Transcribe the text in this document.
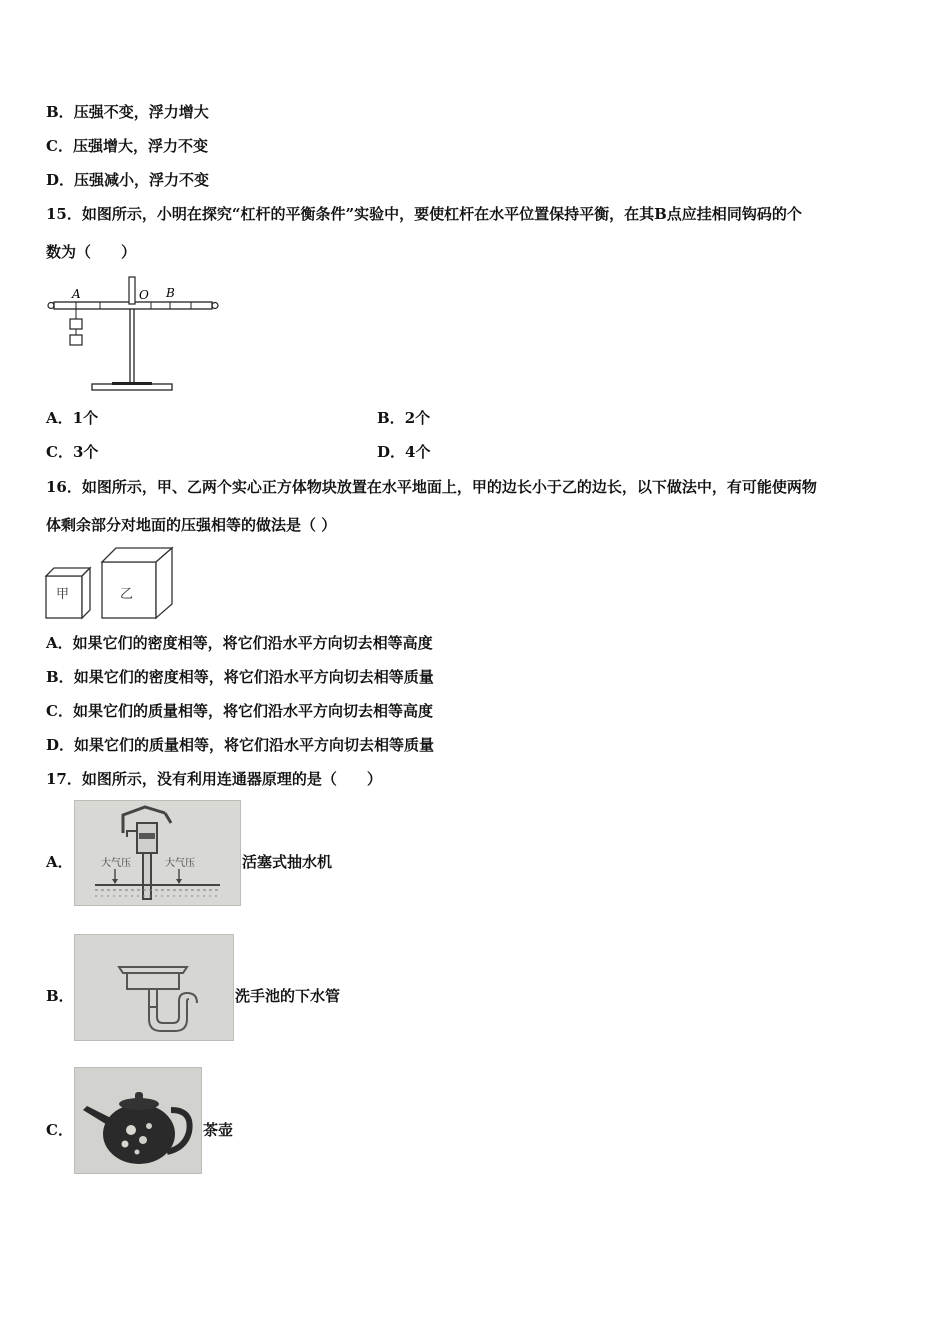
B．压强不变，浮力增大
C．压强增大，浮力不变
D．压强减小，浮力不变
15．如图所示，小明在探究“杠杆的平衡条件”实验中，要使杠杆在水平位置保持平衡，在其B点应挂相同钩码的个
数为（　　）
A	O B
A．1个	B．2个
C．3个	D．4个
16．如图所示，甲、乙两个实心正方体物块放置在水平地面上，甲的边长小于乙的边长，以下做法中，有可能使两物
体剩余部分对地面的压强相等的做法是（ ）
甲	乙
A．如果它们的密度相等，将它们沿水平方向切去相等高度
B．如果它们的密度相等，将它们沿水平方向切去相等质量
C．如果它们的质量相等，将它们沿水平方向切去相等高度
D．如果它们的质量相等，将它们沿水平方向切去相等质量
17．如图所示，没有利用连通器原理的是（　　）
A．	大气压	大气压	活塞式抽水机
B．	洗手池的下水管
C．	茶壶
